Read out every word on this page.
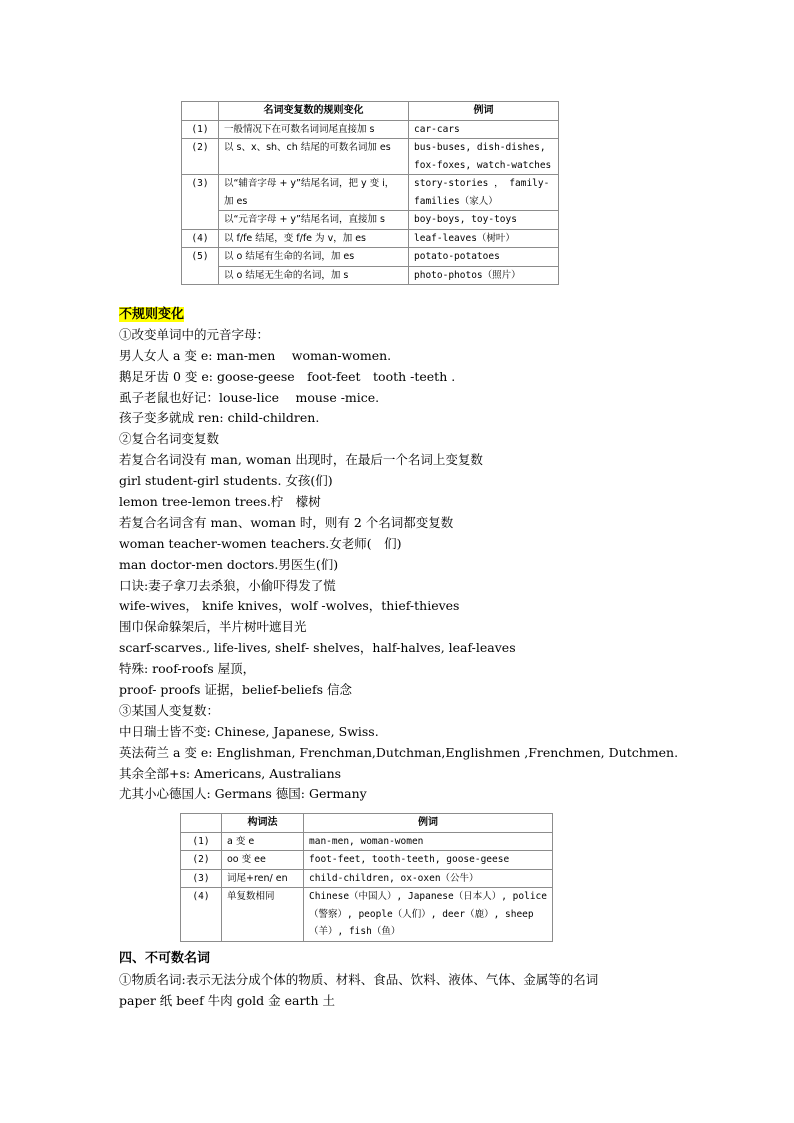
	名词变复数的规则变化	例词
(1)	一般情况下在可数名词词尾直接加 s	car-cars
(2)	以 s、x、sh、ch 结尾的可数名词加 es	bus-buses, dish-dishes, fox-foxes, watch-watches
(3)	以“辅音字母 + y”结尾名词，把 y 变 i，加 es	story-stories ， family-families（家人）
	以“元音字母 + y”结尾名词，直接加 s	boy-boys, toy-toys
(4)	以 f/fe 结尾，变 f/fe 为 v，加 es	leaf-leaves（树叶）
(5)	以 o 结尾有生命的名词，加 es	potato-potatoes
	以 o 结尾无生命的名词，加 s	photo-photos（照片）
不规则变化
①改变单词中的元音字母：
男人女人 a 变 e: man-men　 woman-women.
鹅足牙齿 0 变 e: goose-geese　foot-feet　tooth -teeth .
虱子老鼠也好记：louse-lice　 mouse -mice.
孩子变多就成 ren: child-children.
②复合名词变复数
若复合名词没有 man, woman 出现时，在最后一个名词上变复数
girl student-girl students. 女孩(们)
lemon tree-lemon trees.柠　檬树
若复合名词含有 man、woman 时，则有 2 个名词都变复数
woman teacher-women teachers.女老师(　们)
man doctor-men doctors.男医生(们)
口诀:妻子拿刀去杀狼，小偷吓得发了慌
wife-wives， knife knives，wolf -wolves，thief-thieves
围巾保命躲架后，半片树叶遮目光
scarf-scarves., life-lives, shelf- shelves，half-halves, leaf-leaves
特殊: roof-roofs 屋顶，
proof- proofs 证据，belief-beliefs 信念
③某国人变复数：
中日瑞士皆不变: Chinese, Japanese, Swiss.
英法荷兰 a 变 e: Englishman, Frenchman,Dutchman,Englishmen ,Frenchmen, Dutchmen.
其余全部+s: Americans, Australians
尤其小心德国人: Germans 德国: Germany
	构词法	例词
(1)	a 变 e	man-men, woman-women
(2)	oo 变 ee	foot-feet, tooth-teeth, goose-geese
(3)	词尾+ren/ en	child-children, ox-oxen（公牛）
(4)	单复数相同	Chinese（中国人）, Japanese（日本人）, police（警察）, people（人们）, deer（鹿）, sheep（羊）, fish（鱼）
四、不可数名词
①物质名词:表示无法分成个体的物质、材料、食品、饮料、液体、气体、金属等的名词
paper 纸 beef 牛肉 gold 金 earth 土
